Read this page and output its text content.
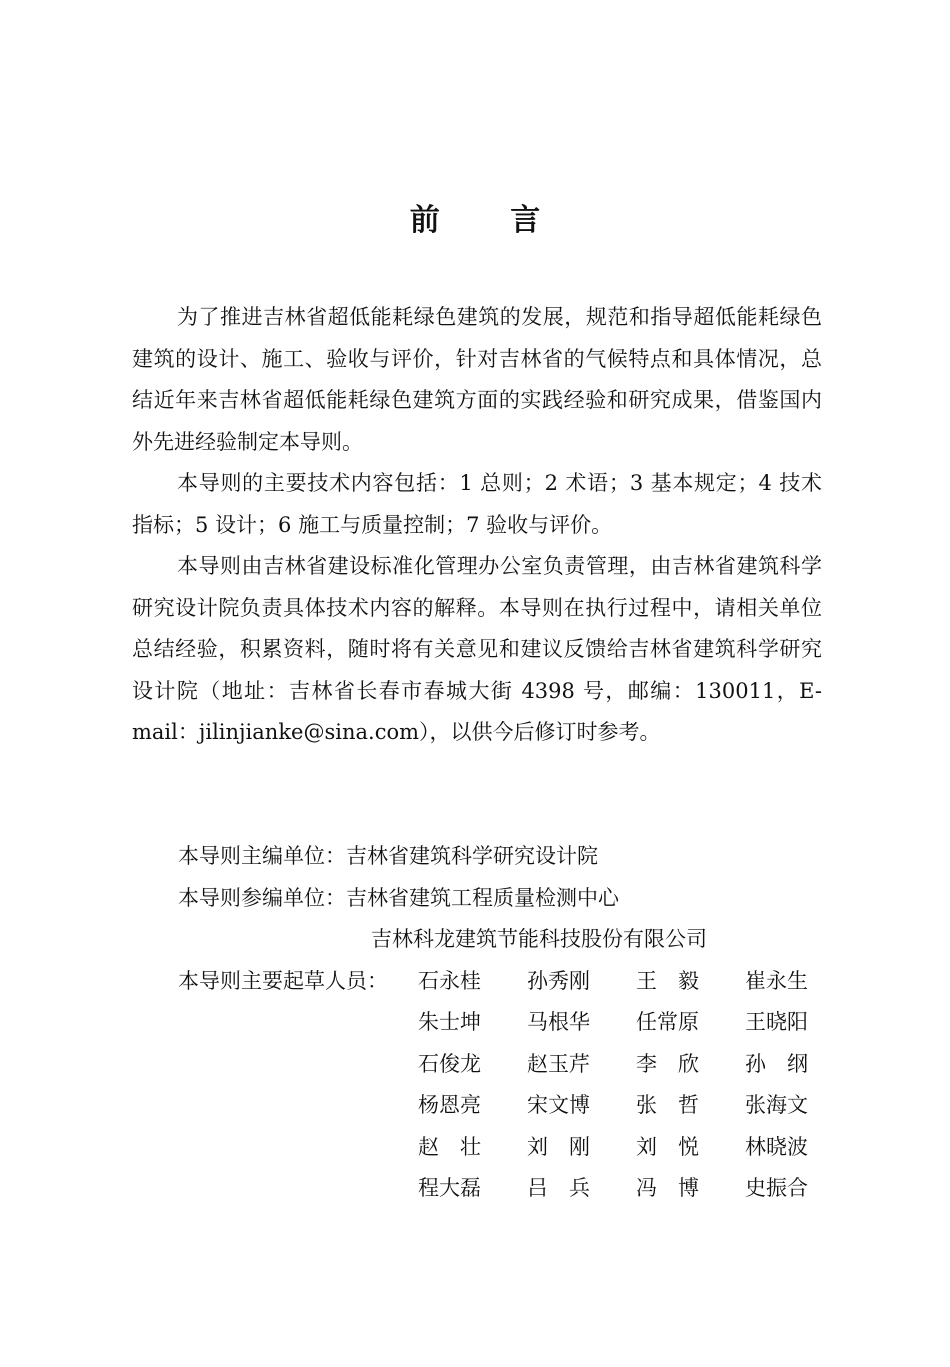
前 言

为了推进吉林省超低能耗绿色建筑的发展，规范和指导超低能耗绿色建筑的设计、施工、验收与评价，针对吉林省的气候特点和具体情况，总结近年来吉林省超低能耗绿色建筑方面的实践经验和研究成果，借鉴国内外先进经验制定本导则。

本导则的主要技术内容包括：1 总则；2 术语；3 基本规定；4 技术指标；5 设计；6 施工与质量控制；7 验收与评价。

本导则由吉林省建设标准化管理办公室负责管理，由吉林省建筑科学研究设计院负责具体技术内容的解释。本导则在执行过程中，请相关单位总结经验，积累资料，随时将有关意见和建议反馈给吉林省建筑科学研究设计院（地址：吉林省长春市春城大街 4398 号，邮编：130011，E-mail：jilinjianke@sina.com），以供今后修订时参考。

本导则主编单位： 吉林省建筑科学研究设计院
本导则参编单位： 吉林省建筑工程质量检测中心
吉林科龙建筑节能科技股份有限公司
本导则主要起草人员：	石永桂	孙秀刚	王　毅	崔永生
朱士坤	马根华	任常原	王晓阳
石俊龙	赵玉芹	李　欣	孙　纲
杨恩亮	宋文博	张　哲	张海文
赵　壮	刘　刚	刘　悦	林晓波
程大磊	吕　兵	冯　博	史振合
